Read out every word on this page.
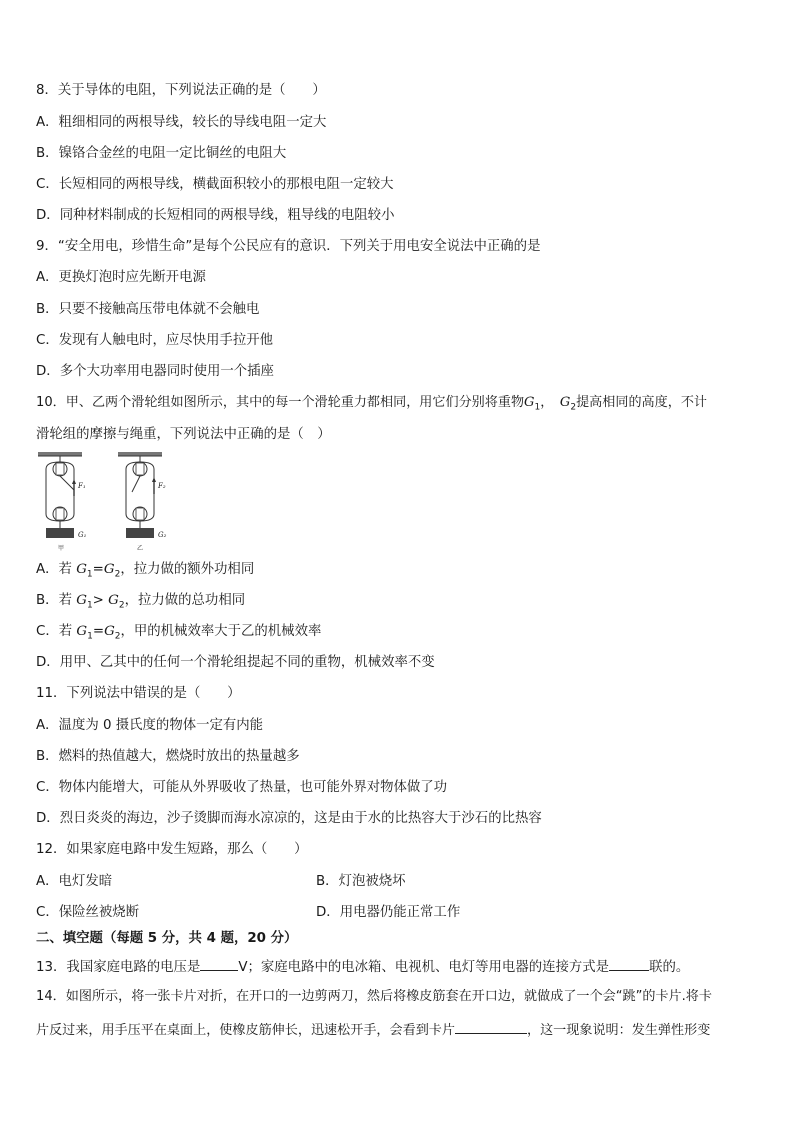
8．关于导体的电阻，下列说法正确的是（　　）
A．粗细相同的两根导线，较长的导线电阻一定大
B．镍铬合金丝的电阻一定比铜丝的电阻大
C．长短相同的两根导线，横截面积较小的那根电阻一定较大
D．同种材料制成的长短相同的两根导线，粗导线的电阻较小
9．“安全用电，珍惜生命”是每个公民应有的意识．下列关于用电安全说法中正确的是
A．更换灯泡时应先断开电源
B．只要不接触高压带电体就不会触电
C．发现有人触电时，应尽快用手拉开他
D．多个大功率用电器同时使用一个插座
10．甲、乙两个滑轮组如图所示，其中的每一个滑轮重力都相同，用它们分别将重物$G_1$，  $G_2$提高相同的高度，不计
滑轮组的摩擦与绳重，下列说法中正确的是（　）
F₁
G₁
甲
F₂
G₂
乙
A．若 $G_1=G_2$，拉力做的额外功相同
B．若 $G_1> G_2$，拉力做的总功相同
C．若 $G_1=G_2$，甲的机械效率大于乙的机械效率
D．用甲、乙其中的任何一个滑轮组提起不同的重物，机械效率不变
11．下列说法中错误的是（　　）
A．温度为 0 摄氏度的物体一定有内能
B．燃料的热值越大，燃烧时放出的热量越多
C．物体内能增大，可能从外界吸收了热量，也可能外界对物体做了功
D．烈日炎炎的海边，沙子烫脚而海水凉凉的，这是由于水的比热容大于沙石的比热容
12．如果家庭电路中发生短路，那么（　　）
A．电灯发暗	B．灯泡被烧坏
C．保险丝被烧断	D．用电器仍能正常工作
二、填空题（每题 5 分，共 4 题，20 分）
13．我国家庭电路的电压是	V；家庭电路中的电冰箱、电视机、电灯等用电器的连接方式是	联的。
14．如图所示，将一张卡片对折，在开口的一边剪两刀，然后将橡皮筋套在开口边，就做成了一个会“跳”的卡片.将卡
片反过来，用手压平在桌面上，使橡皮筋伸长，迅速松开手，会看到卡片	，这一现象说明：发生弹性形变
